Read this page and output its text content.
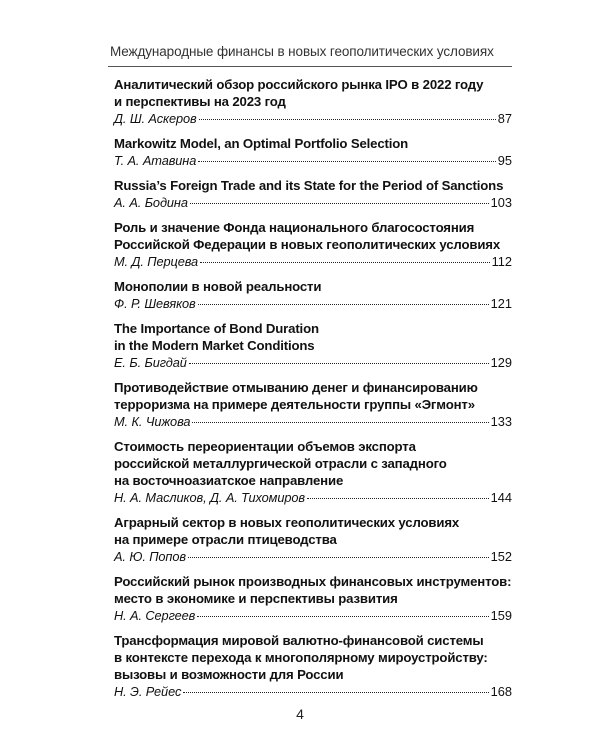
Международные финансы в новых геополитических условиях
Аналитический обзор российского рынка IPO в 2022 году
и перспективы на 2023 год
Д. Ш. Аскеров	87
Markowitz Model, an Optimal Portfolio Selection
Т. А. Атавина	95
Russia’s Foreign Trade and its State for the Period of Sanctions
А. А. Бодина	103
Роль и значение Фонда национального благосостояния
Российской Федерации в новых геополитических условиях
М. Д. Перцева	112
Монополии в новой реальности
Ф. Р. Шевяков	121
The Importance of Bond Duration
in the Modern Market Conditions
Е. Б. Бигдай	129
Противодействие отмыванию денег и финансированию
терроризма на примере деятельности группы «Эгмонт»
М. К. Чижова	133
Стоимость переориентации объемов экспорта
российской металлургической отрасли с западного
на восточноазиатское направление
Н. А. Масликов, Д. А. Тихомиров	144
Аграрный сектор в новых геополитических условиях
на примере отрасли птицеводства
А. Ю. Попов	152
Российский рынок производных финансовых инструментов:
место в экономике и перспективы развития
Н. А. Сергеев	159
Трансформация мировой валютно-финансовой системы
в контексте перехода к многополярному мироустройству:
вызовы и возможности для России
Н. Э. Рейес	168
4
